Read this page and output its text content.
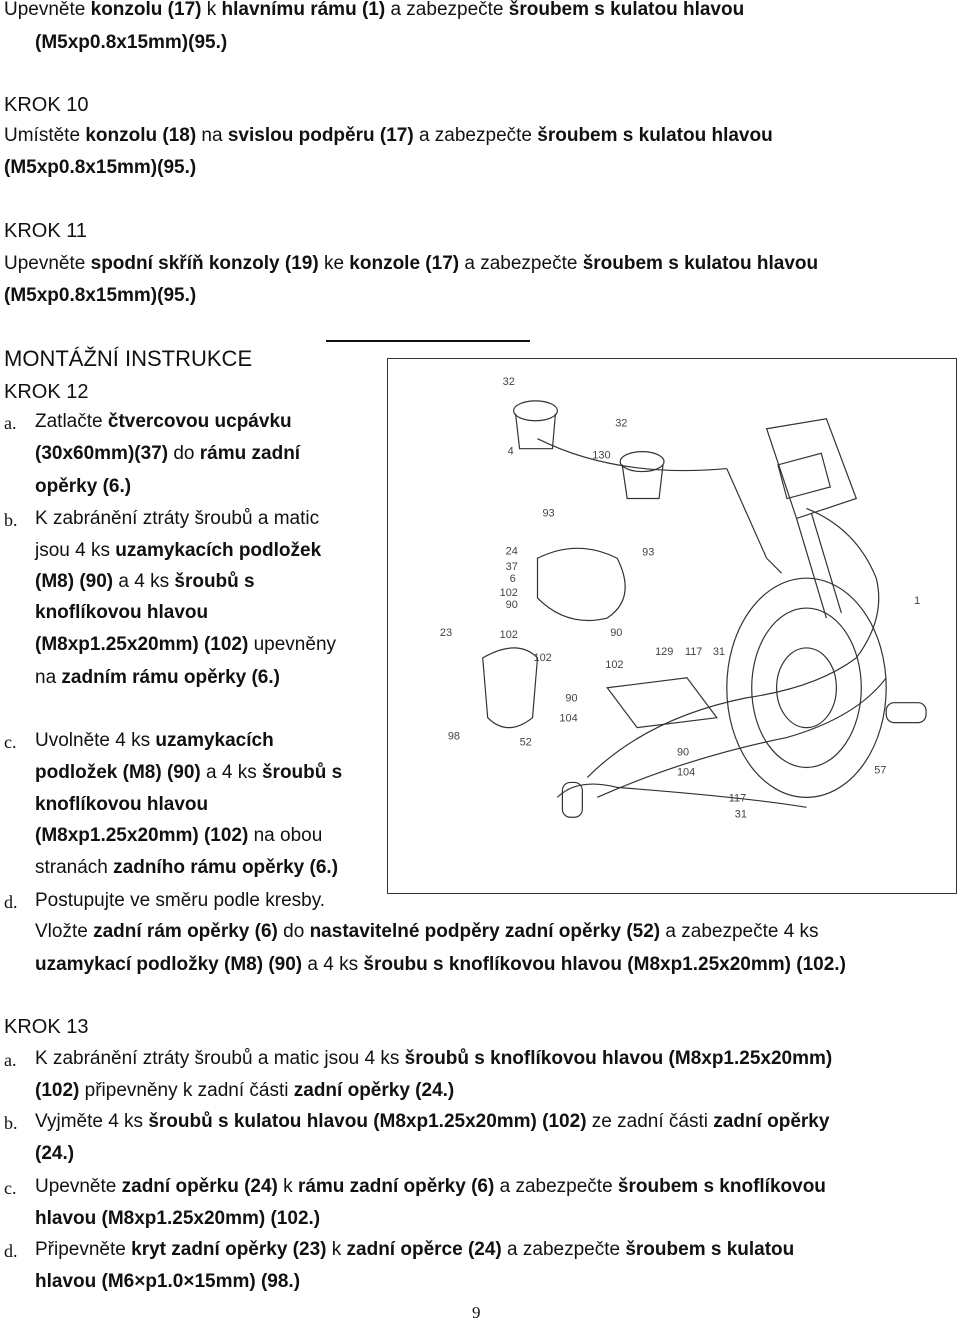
Upevněte konzolu (17) k hlavnímu rámu (1) a zabezpečte šroubem s kulatou hlavou
(M5xp0.8x15mm)(95.)
KROK 10
Umístěte konzolu (18) na svislou podpěru (17) a zabezpečte šroubem s kulatou hlavou
(M5xp0.8x15mm)(95.)
KROK 11
Upevněte spodní skříň konzoly (19) ke konzole (17) a zabezpečte šroubem s kulatou hlavou
(M5xp0.8x15mm)(95.)
MONTÁŽNÍ INSTRUKCE
KROK 12
a. Zatlačte čtvercovou ucpávku
(30x60mm)(37) do rámu zadní
opěrky (6.)
b. K zabránění ztráty šroubů a matic
jsou 4 ks uzamykacích podložek
(M8) (90) a 4 ks šroubů s
knoflíkovou hlavou
(M8xp1.25x20mm) (102) upevněny
na zadním rámu opěrky (6.)
c. Uvolněte 4 ks uzamykacích
podložek (M8) (90) a 4 ks šroubů s
knoflíkovou hlavou
(M8xp1.25x20mm) (102) na obou
stranách zadního rámu opěrky (6.)
d. Postupujte ve směru podle kresby.
Vložte zadní rám opěrky (6) do nastavitelné podpěry zadní opěrky (52) a zabezpečte 4 ks
uzamykací podložky (M8) (90) a 4 ks šroubu s knoflíkovou hlavou (M8xp1.25x20mm) (102.)
KROK 13
a. K zabránění ztráty šroubů a matic jsou 4 ks šroubů s knoflíkovou hlavou (M8xp1.25x20mm)
(102) připevněny k zadní části zadní opěrky (24.)
b. Vyjměte 4 ks šroubů s kulatou hlavou (M8xp1.25x20mm) (102) ze zadní části zadní opěrky
(24.)
c. Upevněte zadní opěrku (24) k rámu zadní opěrky (6) a zabezpečte šroubem s knoflíkovou
hlavou (M8xp1.25x20mm) (102.)
d. Připevněte kryt zadní opěrky (23) k zadní opěrce (24) a zabezpečte šroubem s kulatou
hlavou (M6×p1.0×15mm) (98.)
32
32
4	130
93
93
24
37
6
102
90
23	102
102
90
102
129 117 31
1
90
104
98	52
90
104	57
117
31
9
